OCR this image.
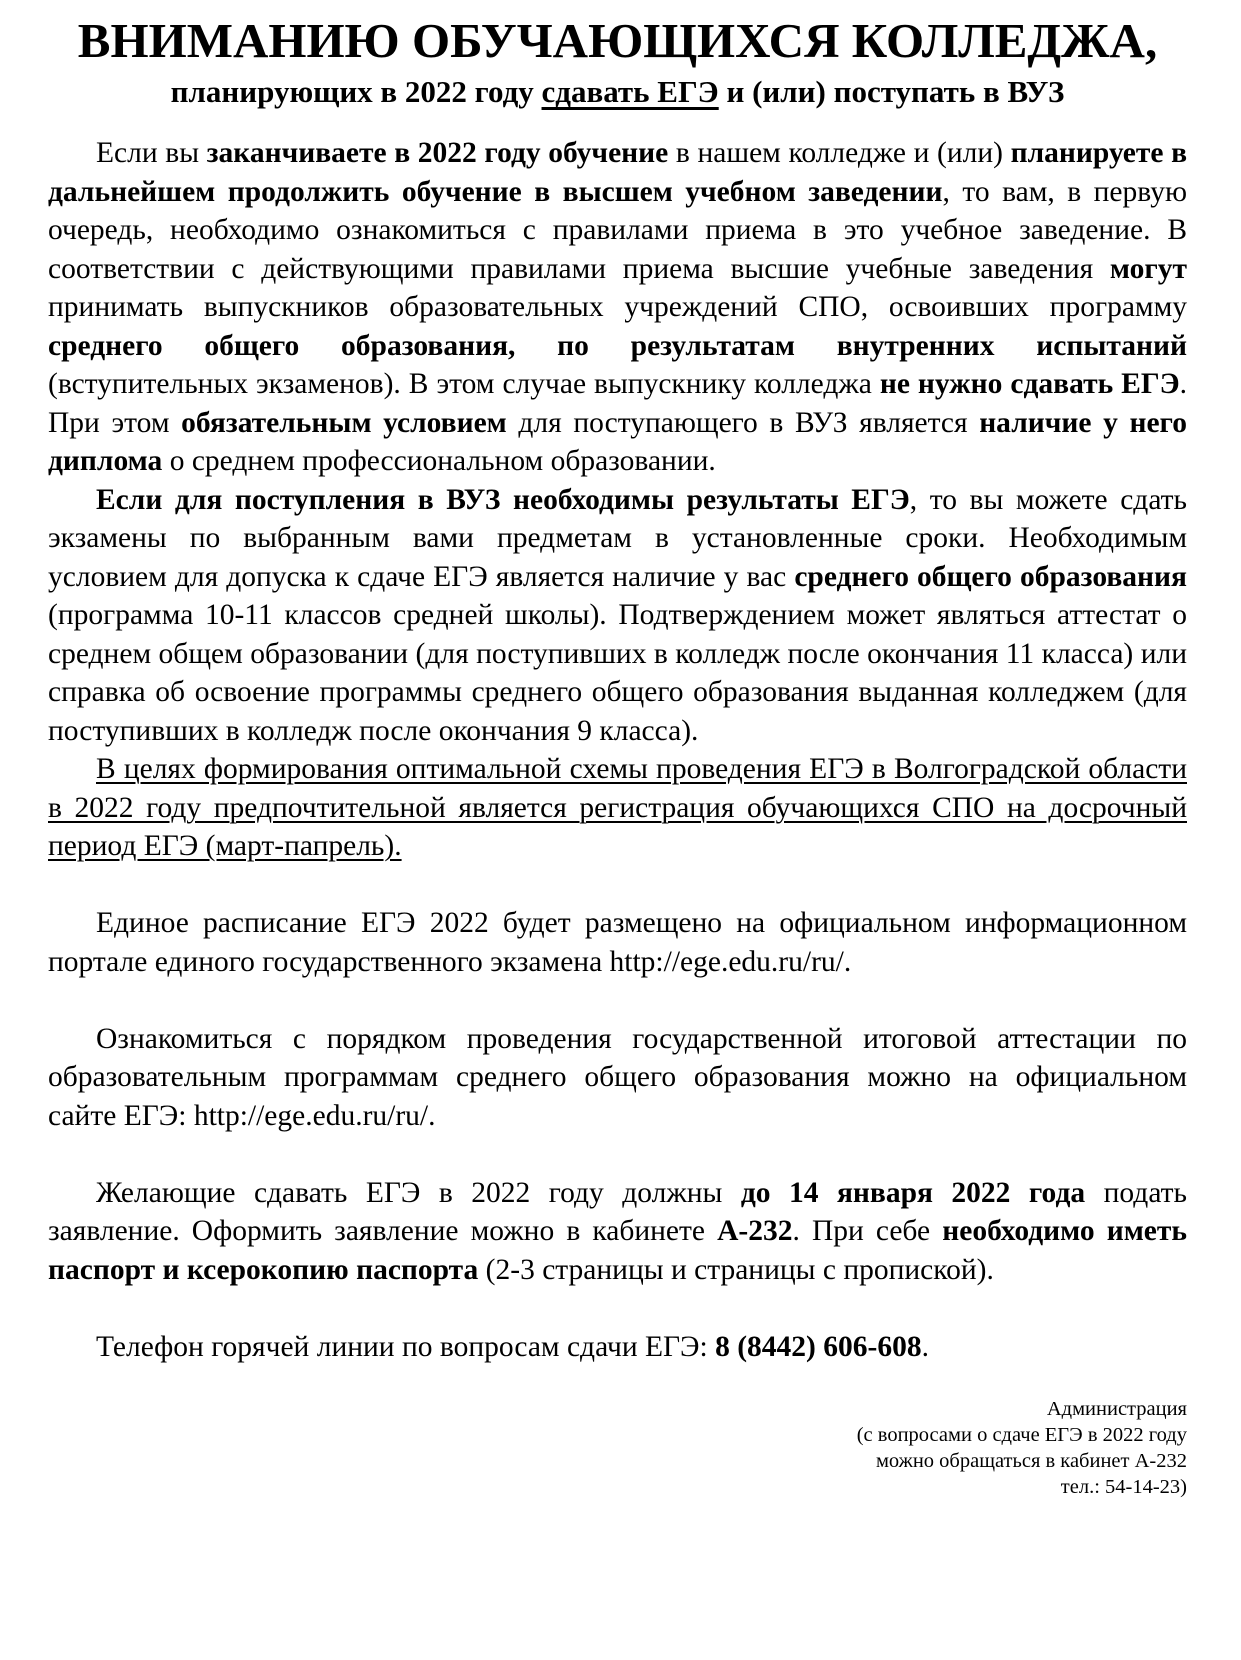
ВНИМАНИЮ ОБУЧАЮЩИХСЯ КОЛЛЕДЖА,
планирующих в 2022 году сдавать ЕГЭ и (или) поступать в ВУЗ

Если вы заканчиваете в 2022 году обучение в нашем колледже и (или) планируете в дальнейшем продолжить обучение в высшем учебном заведении, то вам, в первую очередь, необходимо ознакомиться с правилами приема в это учебное заведение. В соответствии с действующими правилами приема высшие учебные заведения могут принимать выпускников образовательных учреждений СПО, освоивших программу среднего общего образования, по результатам внутренних испытаний (вступительных экзаменов). В этом случае выпускнику колледжа не нужно сдавать ЕГЭ. При этом обязательным условием для поступающего в ВУЗ является наличие у него диплома о среднем профессиональном образовании.

Если для поступления в ВУЗ необходимы результаты ЕГЭ, то вы можете сдать экзамены по выбранным вами предметам в установленные сроки. Необходимым условием для допуска к сдаче ЕГЭ является наличие у вас среднего общего образования (программа 10-11 классов средней школы). Подтверждением может являться аттестат о среднем общем образовании (для поступивших в колледж после окончания 11 класса) или справка об освоение программы среднего общего образования выданная колледжем (для поступивших в колледж после окончания 9 класса).

В целях формирования оптимальной схемы проведения ЕГЭ в Волгоградской области в 2022 году предпочтительной является регистрация обучающихся СПО на досрочный период ЕГЭ (март-папрель).

Единое расписание ЕГЭ 2022 будет размещено на официальном информационном портале единого государственного экзамена http://ege.edu.ru/ru/.

Ознакомиться с порядком проведения государственной итоговой аттестации по образовательным программам среднего общего образования можно на официальном сайте ЕГЭ: http://ege.edu.ru/ru/.

Желающие сдавать ЕГЭ в 2022 году должны до 14 января 2022 года подать заявление. Оформить заявление можно в кабинете А-232. При себе необходимо иметь паспорт и ксерокопию паспорта (2-3 страницы и страницы с пропиской).

Телефон горячей линии по вопросам сдачи ЕГЭ: 8 (8442) 606-608.

Администрация
(с вопросами о сдаче ЕГЭ в 2022 году
можно обращаться в кабинет А-232
тел.: 54-14-23)
